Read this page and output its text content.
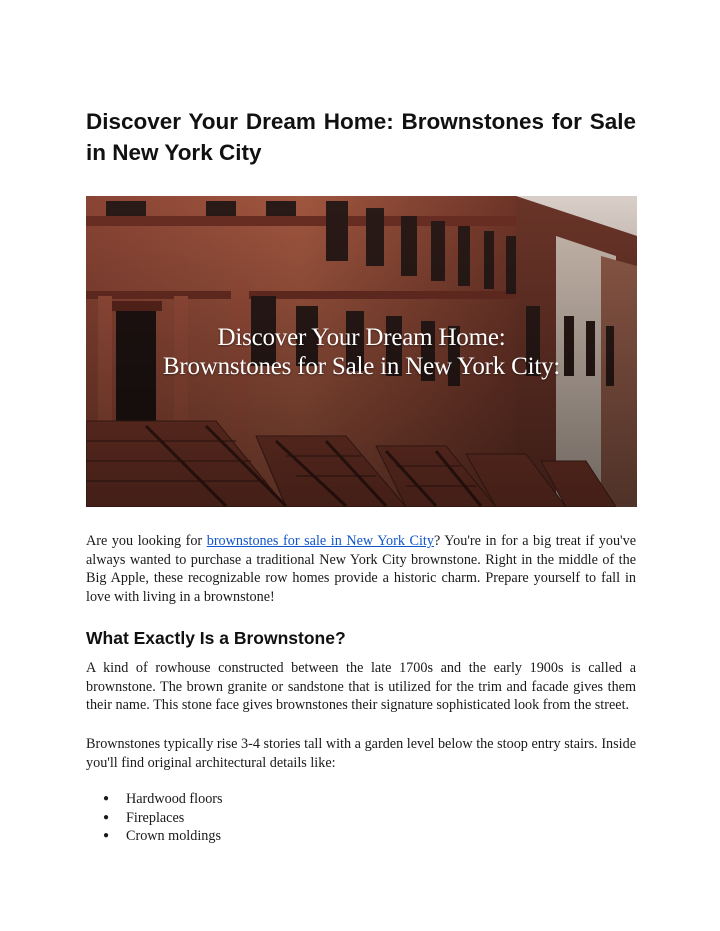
Discover Your Dream Home: Brownstones for Sale in New York City
Discover Your Dream Home:
Brownstones for Sale in New York City:

Are you looking for brownstones for sale in New York City? You're in for a big treat if you've always wanted to purchase a traditional New York City brownstone. Right in the middle of the Big Apple, these recognizable row homes provide a historic charm. Prepare yourself to fall in love with living in a brownstone!

What Exactly Is a Brownstone?

A kind of rowhouse constructed between the late 1700s and the early 1900s is called a brownstone. The brown granite or sandstone that is utilized for the trim and facade gives them their name. This stone face gives brownstones their signature sophisticated look from the street.

Brownstones typically rise 3-4 stories tall with a garden level below the stoop entry stairs. Inside you'll find original architectural details like:

● Hardwood floors
● Fireplaces
● Crown moldings
